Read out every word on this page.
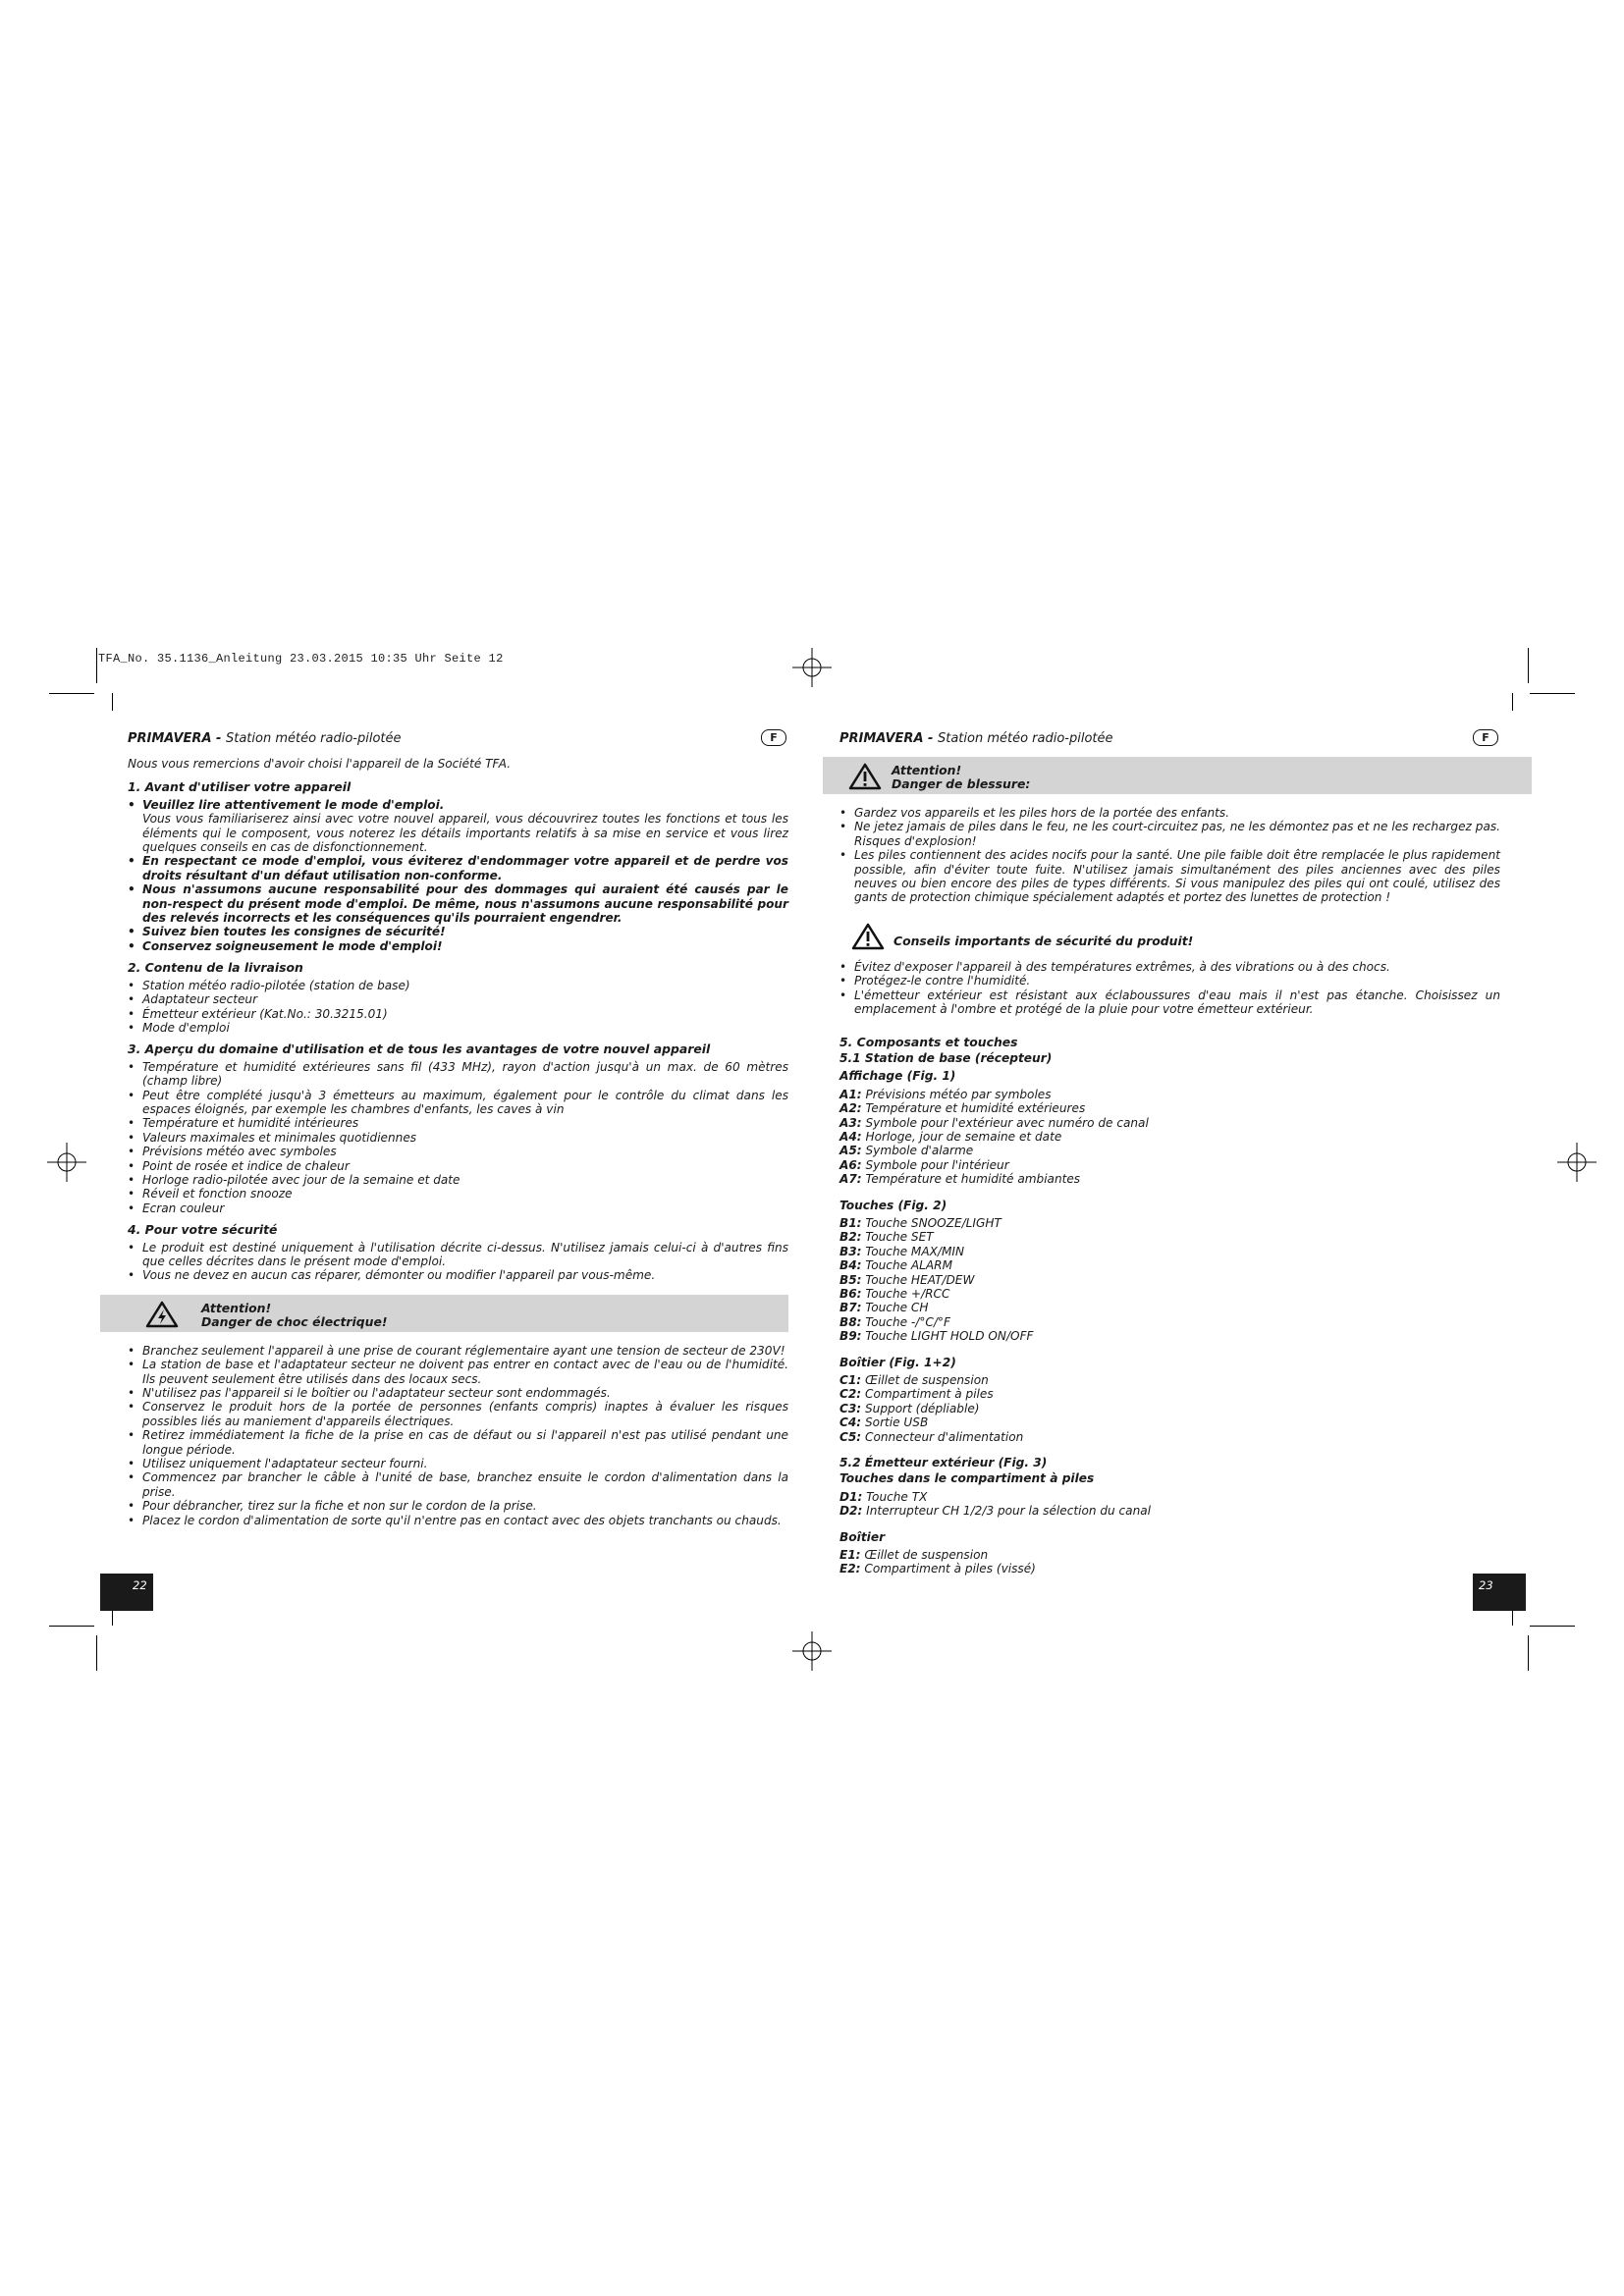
TFA_No. 35.1136_Anleitung 23.03.2015 10:35 Uhr Seite 12
PRIMAVERA - Station météo radio-pilotée	F

Nous vous remercions d'avoir choisi l'appareil de la Société TFA.

1. Avant d'utiliser votre appareil
• Veuillez lire attentivement le mode d'emploi.
Vous vous familiariserez ainsi avec votre nouvel appareil, vous découvrirez toutes les fonctions et tous les éléments qui le composent, vous noterez les détails importants relatifs à sa mise en service et vous lirez quelques conseils en cas de disfonctionnement.
• En respectant ce mode d'emploi, vous éviterez d'endommager votre appareil et de perdre vos droits résultant d'un défaut utilisation non-conforme.
• Nous n'assumons aucune responsabilité pour des dommages qui auraient été causés par le non-respect du présent mode d'emploi. De même, nous n'assumons aucune responsabilité pour des relevés incorrects et les conséquences qu'ils pourraient engendrer.
• Suivez bien toutes les consignes de sécurité!
• Conservez soigneusement le mode d'emploi!
2. Contenu de la livraison
• Station météo radio-pilotée (station de base)
• Adaptateur secteur
• Émetteur extérieur (Kat.No.: 30.3215.01)
• Mode d'emploi
3. Aperçu du domaine d'utilisation et de tous les avantages de votre nouvel appareil
• Température et humidité extérieures sans fil (433 MHz), rayon d'action jusqu'à un max. de 60 mètres (champ libre)
• Peut être complété jusqu'à 3 émetteurs au maximum, également pour le contrôle du climat dans les espaces éloignés, par exemple les chambres d'enfants, les caves à vin
• Température et humidité intérieures
• Valeurs maximales et minimales quotidiennes
• Prévisions météo avec symboles
• Point de rosée et indice de chaleur
• Horloge radio-pilotée avec jour de la semaine et date
• Réveil et fonction snooze
• Ecran couleur
4. Pour votre sécurité
• Le produit est destiné uniquement à l'utilisation décrite ci-dessus. N'utilisez jamais celui-ci à d'autres fins que celles décrites dans le présent mode d'emploi.
• Vous ne devez en aucun cas réparer, démonter ou modifier l'appareil par vous-même.
Attention!
Danger de choc électrique!
• Branchez seulement l'appareil à une prise de courant réglementaire ayant une tension de secteur de 230V!
• La station de base et l'adaptateur secteur ne doivent pas entrer en contact avec de l'eau ou de l'humidité. Ils peuvent seulement être utilisés dans des locaux secs.
• N'utilisez pas l'appareil si le boîtier ou l'adaptateur secteur sont endommagés.
• Conservez le produit hors de la portée de personnes (enfants compris) inaptes à évaluer les risques possibles liés au maniement d'appareils électriques.
• Retirez immédiatement la fiche de la prise en cas de défaut ou si l'appareil n'est pas utilisé pendant une longue période.
• Utilisez uniquement l'adaptateur secteur fourni.
• Commencez par brancher le câble à l'unité de base, branchez ensuite le cordon d'alimentation dans la prise.
• Pour débrancher, tirez sur la fiche et non sur le cordon de la prise.
• Placez le cordon d'alimentation de sorte qu'il n'entre pas en contact avec des objets tranchants ou chauds.
22
PRIMAVERA - Station météo radio-pilotée	F
Attention!
Danger de blessure:
• Gardez vos appareils et les piles hors de la portée des enfants.
• Ne jetez jamais de piles dans le feu, ne les court-circuitez pas, ne les démontez pas et ne les rechargez pas. Risques d'explosion!
• Les piles contiennent des acides nocifs pour la santé. Une pile faible doit être remplacée le plus rapidement possible, afin d'éviter toute fuite. N'utilisez jamais simultanément des piles anciennes avec des piles neuves ou bien encore des piles de types différents. Si vous manipulez des piles qui ont coulé, utilisez des gants de protection chimique spécialement adaptés et portez des lunettes de protection !
Conseils importants de sécurité du produit!
• Évitez d'exposer l'appareil à des températures extrêmes, à des vibrations ou à des chocs.
• Protégez-le contre l'humidité.
• L'émetteur extérieur est résistant aux éclaboussures d'eau mais il n'est pas étanche. Choisissez un emplacement à l'ombre et protégé de la pluie pour votre émetteur extérieur.
5. Composants et touches
5.1 Station de base (récepteur)
Affichage (Fig. 1)
A1: Prévisions météo par symboles
A2: Température et humidité extérieures
A3: Symbole pour l'extérieur avec numéro de canal
A4: Horloge, jour de semaine et date
A5: Symbole d'alarme
A6: Symbole pour l'intérieur
A7: Température et humidité ambiantes
Touches (Fig. 2)
B1: Touche SNOOZE/LIGHT
B2: Touche SET
B3: Touche MAX/MIN
B4: Touche ALARM
B5: Touche HEAT/DEW
B6: Touche +/RCC
B7: Touche CH
B8: Touche -/°C/°F
B9: Touche LIGHT HOLD ON/OFF
Boîtier (Fig. 1+2)
C1: Œillet de suspension
C2: Compartiment à piles
C3: Support (dépliable)
C4: Sortie USB
C5: Connecteur d'alimentation
5.2 Émetteur extérieur (Fig. 3)
Touches dans le compartiment à piles
D1: Touche TX
D2: Interrupteur CH 1/2/3 pour la sélection du canal
Boîtier
E1: Œillet de suspension
E2: Compartiment à piles (vissé)
23
